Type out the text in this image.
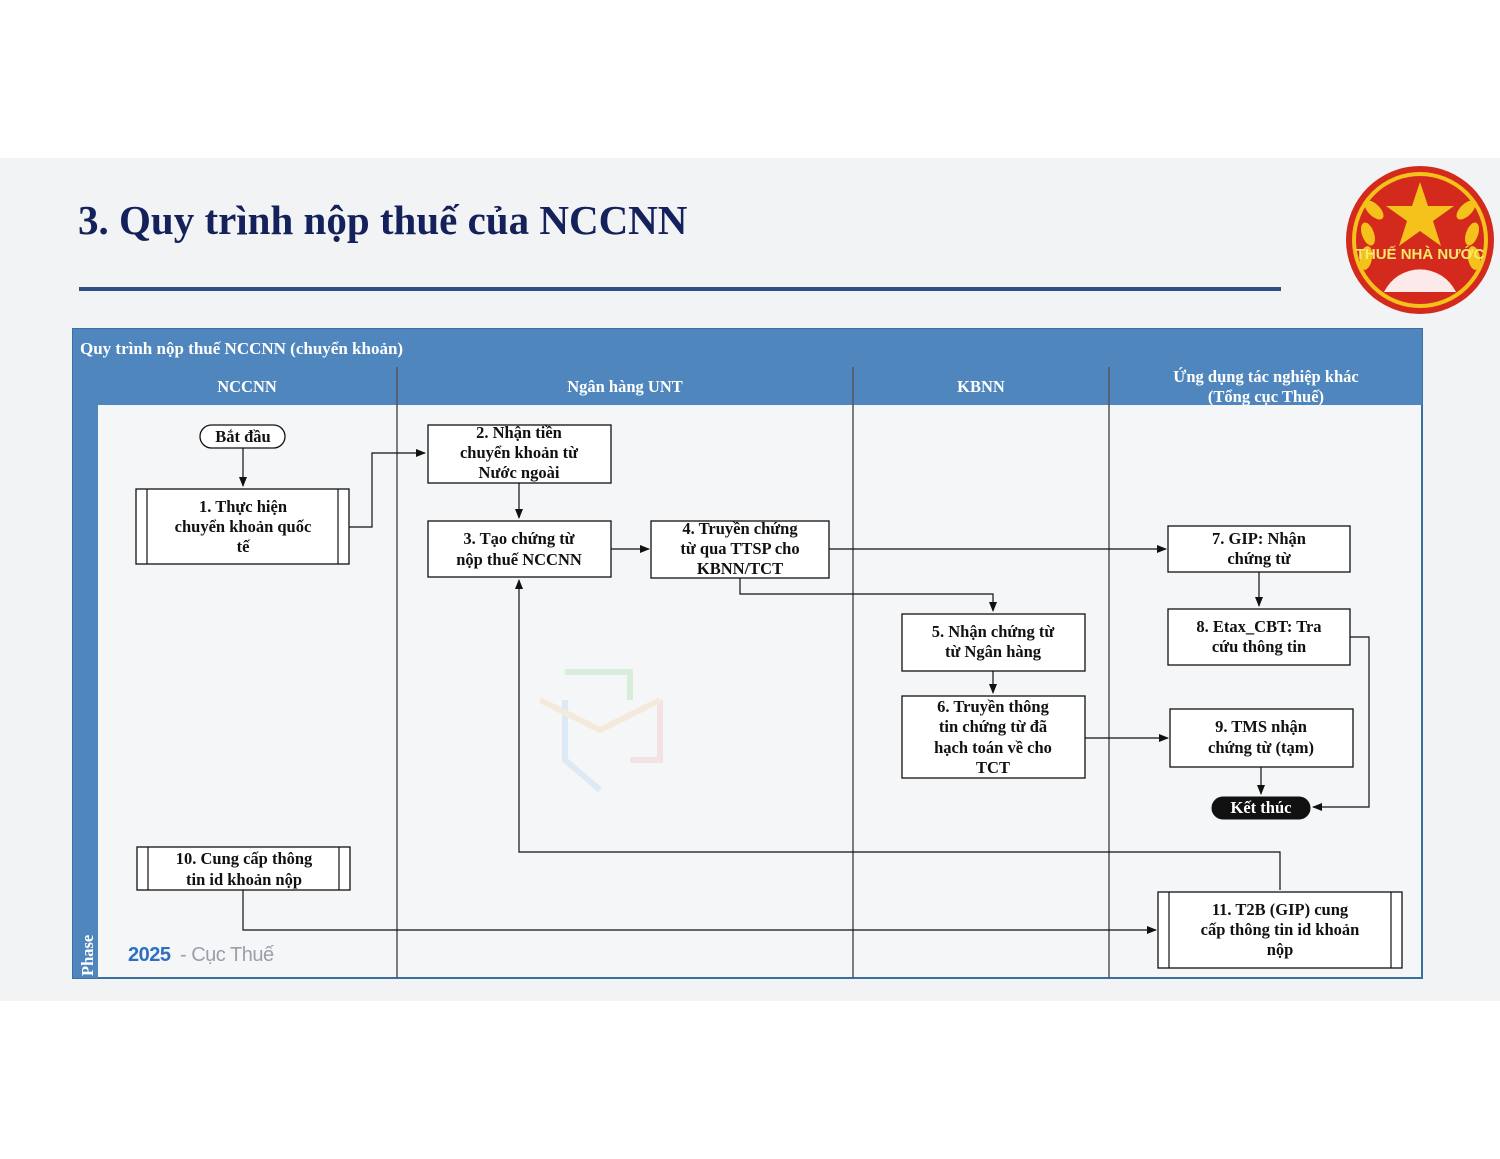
3. Quy trình nộp thuế của NCCNN
THUẾ NHÀ NƯỚC
Quy trình nộp thuế NCCNN (chuyển khoản)
Phase
NCCNN	Ngân hàng UNT	KBNN
Ứng dụng tác nghiệp khác
(Tổng cục Thuế)
Bắt đầu
1. Thực hiện
chuyển khoản quốc
tế
2. Nhận tiền
chuyển khoản từ
Nước ngoài
3. Tạo chứng từ
nộp thuế NCCNN
4. Truyền chứng
từ qua TTSP cho
KBNN/TCT
5. Nhận chứng từ
từ Ngân hàng
6. Truyền thông
tin chứng từ đã
hạch toán về cho
TCT
7. GIP: Nhận
chứng từ
8. Etax_CBT: Tra
cứu thông tin
9. TMS nhận
chứng từ (tạm)
Kết thúc
10. Cung cấp thông
tin id khoản nộp
11. T2B (GIP) cung
cấp thông tin id khoản
nộp
2025 - Cục Thuế
